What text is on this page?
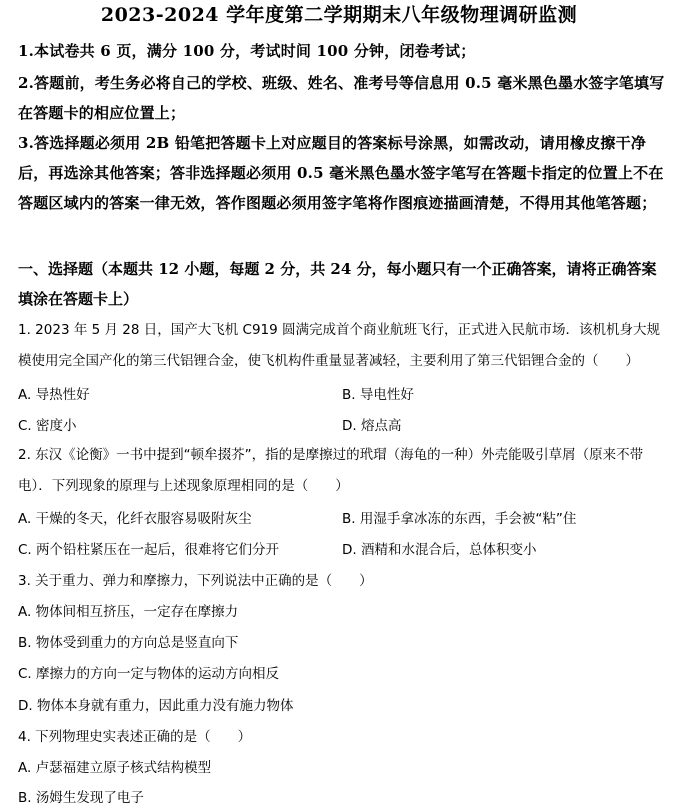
2023-2024 学年度第二学期期末八年级物理调研监测
1.本试卷共 6 页，满分 100 分，考试时间 100 分钟，闭卷考试；
2.答题前，考生务必将自己的学校、班级、姓名、准考号等信息用 0.5 毫米黑色墨水签字笔填写在答题卡的相应位置上；
3.答选择题必须用 2B 铅笔把答题卡上对应题目的答案标号涂黑，如需改动，请用橡皮擦干净后，再选涂其他答案；答非选择题必须用 0.5 毫米黑色墨水签字笔写在答题卡指定的位置上不在答题区域内的答案一律无效，答作图题必须用签字笔将作图痕迹描画清楚，不得用其他笔答题；
一、选择题（本题共 12 小题，每题 2 分，共 24 分，每小题只有一个正确答案，请将正确答案填涂在答题卡上）
1. 2023 年 5 月 28 日，国产大飞机 C919 圆满完成首个商业航班飞行，正式进入民航市场．该机机身大规模使用完全国产化的第三代铝锂合金，使飞机构件重量显著减轻，主要利用了第三代铝锂合金的（　　）
A. 导热性好	B. 导电性好
C. 密度小	D. 熔点高
2. 东汉《论衡》一书中提到“顿牟掇芥”，指的是摩擦过的玳瑁（海龟的一种）外壳能吸引草屑（原来不带电）．下列现象的原理与上述现象原理相同的是（　　）
A. 干燥的冬天，化纤衣服容易吸附灰尘	B. 用湿手拿冰冻的东西，手会被“粘”住
C. 两个铅柱紧压在一起后，很难将它们分开	D. 酒精和水混合后，总体积变小
3. 关于重力、弹力和摩擦力，下列说法中正确的是（　　）
A. 物体间相互挤压，一定存在摩擦力
B. 物体受到重力的方向总是竖直向下
C. 摩擦力的方向一定与物体的运动方向相反
D. 物体本身就有重力，因此重力没有施力物体
4. 下列物理史实表述正确的是（　　）
A. 卢瑟福建立原子核式结构模型
B. 汤姆生发现了电子
